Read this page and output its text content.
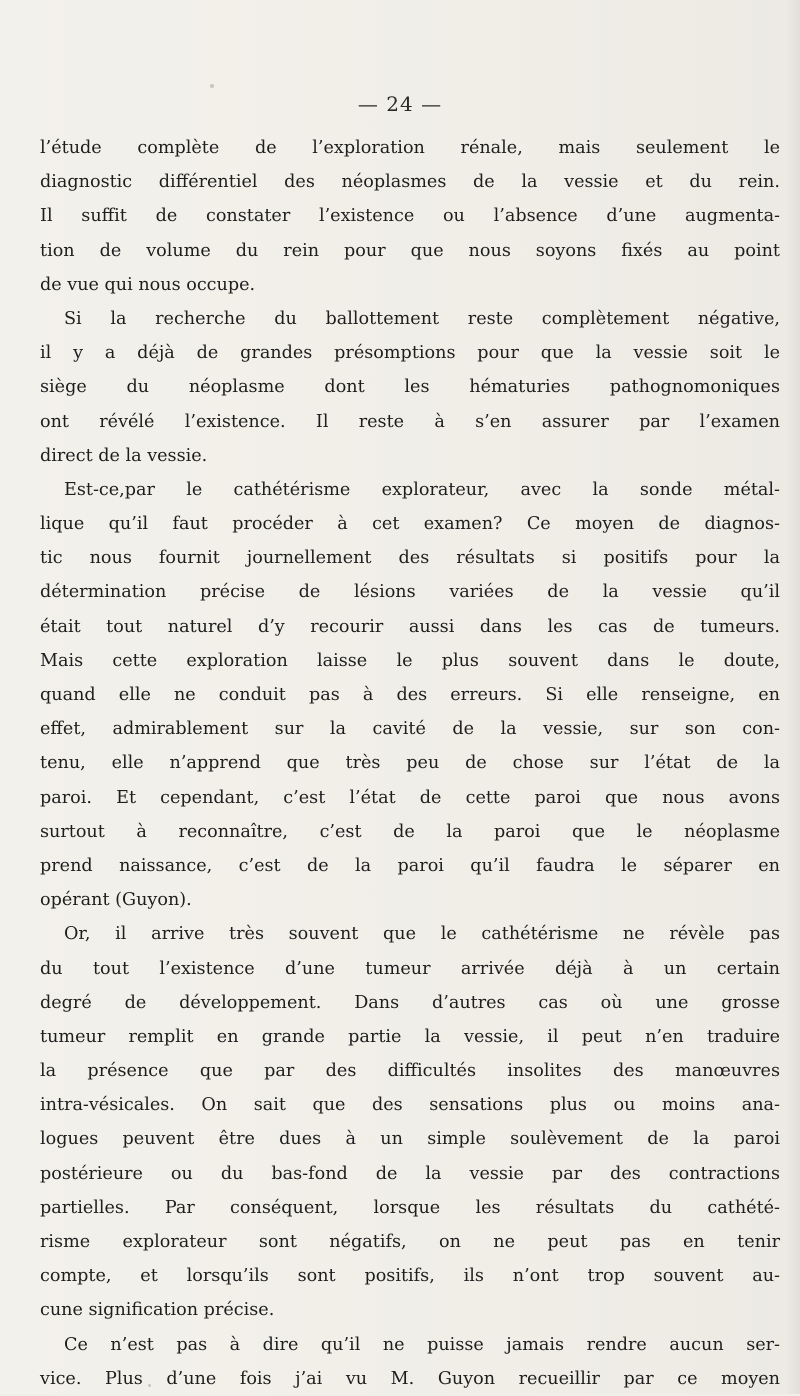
— 24 —
l’étude complète de l’exploration rénale, mais seulement le
diagnostic différentiel des néoplasmes de la vessie et du rein.
Il suffit de constater l’existence ou l’absence d’une augmenta-
tion de volume du rein pour que nous soyons fixés au point
de vue qui nous occupe.
Si la recherche du ballottement reste complètement négative,
il y a déjà de grandes présomptions pour que la vessie soit le
siège du néoplasme dont les hématuries pathognomoniques
ont révélé l’existence. Il reste à s’en assurer par l’examen
direct de la vessie.
Est-ce,par le cathétérisme explorateur, avec la sonde métal-
lique qu’il faut procéder à cet examen? Ce moyen de diagnos-
tic nous fournit journellement des résultats si positifs pour la
détermination précise de lésions variées de la vessie qu’il
était tout naturel d’y recourir aussi dans les cas de tumeurs.
Mais cette exploration laisse le plus souvent dans le doute,
quand elle ne conduit pas à des erreurs. Si elle renseigne, en
effet, admirablement sur la cavité de la vessie, sur son con-
tenu, elle n’apprend que très peu de chose sur l’état de la
paroi. Et cependant, c’est l’état de cette paroi que nous avons
surtout à reconnaître, c’est de la paroi que le néoplasme
prend naissance, c’est de la paroi qu’il faudra le séparer en
opérant (Guyon).
Or, il arrive très souvent que le cathétérisme ne révèle pas
du tout l’existence d’une tumeur arrivée déjà à un certain
degré de développement. Dans d’autres cas où une grosse
tumeur remplit en grande partie la vessie, il peut n’en traduire
la présence que par des difficultés insolites des manœuvres
intra-vésicales. On sait que des sensations plus ou moins ana-
logues peuvent être dues à un simple soulèvement de la paroi
postérieure ou du bas-fond de la vessie par des contractions
partielles. Par conséquent, lorsque les résultats du cathété-
risme explorateur sont négatifs, on ne peut pas en tenir
compte, et lorsqu’ils sont positifs, ils n’ont trop souvent au-
cune signification précise.
Ce n’est pas à dire qu’il ne puisse jamais rendre aucun ser-
vice. Plus d’une fois j’ai vu M. Guyon recueillir par ce moyen
